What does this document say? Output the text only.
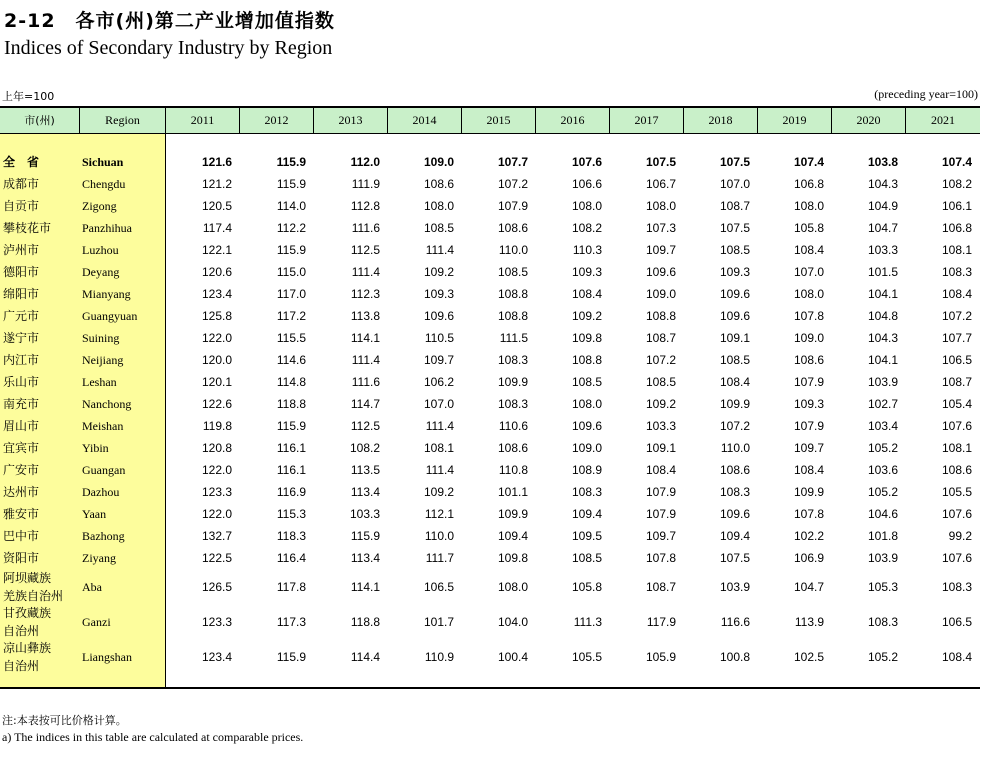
2-12　各市(州)第二产业增加值指数
Indices of Secondary Industry by Region
上年=100	(preceding year=100)
市(州)	Region	2011	2012	2013	2014	2015	2016	2017	2018	2019	2020	2021
全　省	Sichuan	121.6	115.9	112.0	109.0	107.7	107.6	107.5	107.5	107.4	103.8	107.4
成都市	Chengdu	121.2	115.9	111.9	108.6	107.2	106.6	106.7	107.0	106.8	104.3	108.2
自贡市	Zigong	120.5	114.0	112.8	108.0	107.9	108.0	108.0	108.7	108.0	104.9	106.1
攀枝花市	Panzhihua	117.4	112.2	111.6	108.5	108.6	108.2	107.3	107.5	105.8	104.7	106.8
泸州市	Luzhou	122.1	115.9	112.5	111.4	110.0	110.3	109.7	108.5	108.4	103.3	108.1
德阳市	Deyang	120.6	115.0	111.4	109.2	108.5	109.3	109.6	109.3	107.0	101.5	108.3
绵阳市	Mianyang	123.4	117.0	112.3	109.3	108.8	108.4	109.0	109.6	108.0	104.1	108.4
广元市	Guangyuan	125.8	117.2	113.8	109.6	108.8	109.2	108.8	109.6	107.8	104.8	107.2
遂宁市	Suining	122.0	115.5	114.1	110.5	111.5	109.8	108.7	109.1	109.0	104.3	107.7
内江市	Neijiang	120.0	114.6	111.4	109.7	108.3	108.8	107.2	108.5	108.6	104.1	106.5
乐山市	Leshan	120.1	114.8	111.6	106.2	109.9	108.5	108.5	108.4	107.9	103.9	108.7
南充市	Nanchong	122.6	118.8	114.7	107.0	108.3	108.0	109.2	109.9	109.3	102.7	105.4
眉山市	Meishan	119.8	115.9	112.5	111.4	110.6	109.6	103.3	107.2	107.9	103.4	107.6
宜宾市	Yibin	120.8	116.1	108.2	108.1	108.6	109.0	109.1	110.0	109.7	105.2	108.1
广安市	Guangan	122.0	116.1	113.5	111.4	110.8	108.9	108.4	108.6	108.4	103.6	108.6
达州市	Dazhou	123.3	116.9	113.4	109.2	101.1	108.3	107.9	108.3	109.9	105.2	105.5
雅安市	Yaan	122.0	115.3	103.3	112.1	109.9	109.4	107.9	109.6	107.8	104.6	107.6
巴中市	Bazhong	132.7	118.3	115.9	110.0	109.4	109.5	109.7	109.4	102.2	101.8	99.2
资阳市	Ziyang	122.5	116.4	113.4	111.7	109.8	108.5	107.8	107.5	106.9	103.9	107.6
阿坝藏族
羌族自治州
Aba	126.5	117.8	114.1	106.5	108.0	105.8	108.7	103.9	104.7	105.3	108.3
甘孜藏族
自治州
Ganzi	123.3	117.3	118.8	101.7	104.0	111.3	117.9	116.6	113.9	108.3	106.5
凉山彝族
自治州
Liangshan	123.4	115.9	114.4	110.9	100.4	105.5	105.9	100.8	102.5	105.2	108.4
注:本表按可比价格计算。
a) The indices in this table are calculated at comparable prices.
